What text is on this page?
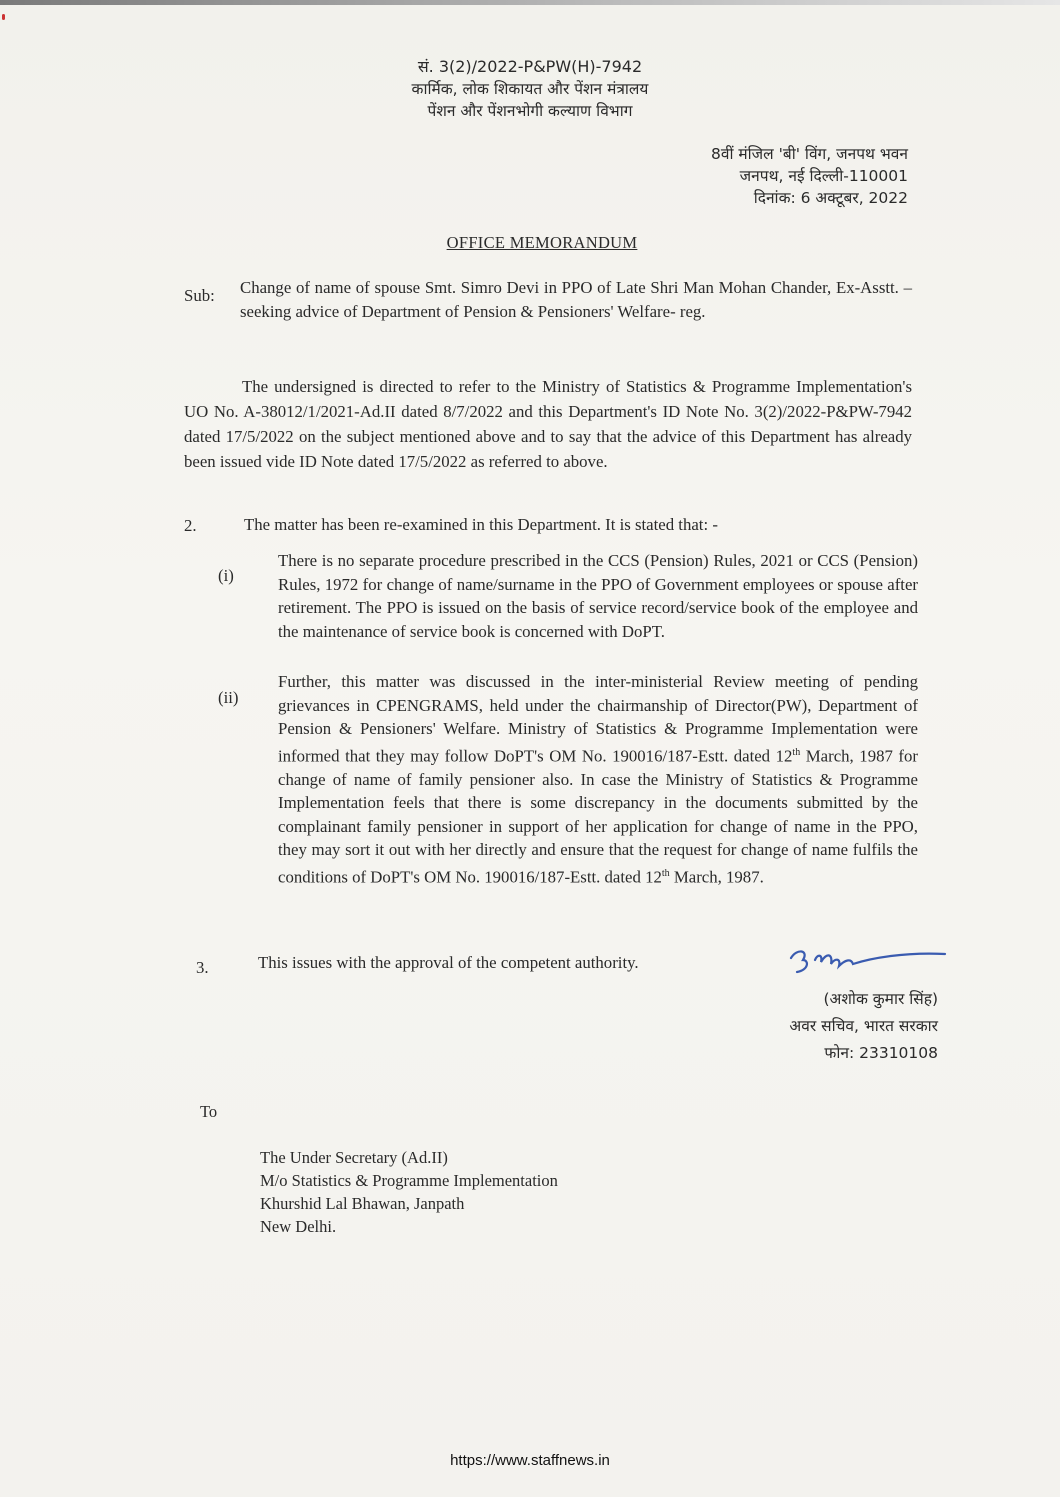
सं. 3(2)/2022-P&PW(H)-7942
कार्मिक, लोक शिकायत और पेंशन मंत्रालय
पेंशन और पेंशनभोगी कल्याण विभाग
8वीं मंजिल 'बी' विंग, जनपथ भवन
जनपथ, नई दिल्ली-110001
दिनांक: 6 अक्टूबर, 2022
OFFICE MEMORANDUM
Sub: Change of name of spouse Smt. Simro Devi in PPO of Late Shri Man Mohan Chander, Ex-Asstt. – seeking advice of Department of Pension & Pensioners' Welfare- reg.
The undersigned is directed to refer to the Ministry of Statistics & Programme Implementation's UO No. A-38012/1/2021-Ad.II dated 8/7/2022 and this Department's ID Note No. 3(2)/2022-P&PW-7942 dated 17/5/2022 on the subject mentioned above and to say that the advice of this Department has already been issued vide ID Note dated 17/5/2022 as referred to above.
2.	The matter has been re-examined in this Department. It is stated that: -
(i)
There is no separate procedure prescribed in the CCS (Pension) Rules, 2021 or CCS (Pension) Rules, 1972 for change of name/surname in the PPO of Government employees or spouse after retirement. The PPO is issued on the basis of service record/service book of the employee and the maintenance of service book is concerned with DoPT.
(ii)
Further, this matter was discussed in the inter-ministerial Review meeting of pending grievances in CPENGRAMS, held under the chairmanship of Director(PW), Department of Pension & Pensioners' Welfare. Ministry of Statistics & Programme Implementation were informed that they may follow DoPT's OM No. 190016/187-Estt. dated 12th March, 1987 for change of name of family pensioner also. In case the Ministry of Statistics & Programme Implementation feels that there is some discrepancy in the documents submitted by the complainant family pensioner in support of her application for change of name in the PPO, they may sort it out with her directly and ensure that the request for change of name fulfils the conditions of DoPT's OM No. 190016/187-Estt. dated 12th March, 1987.
3.	This issues with the approval of the competent authority.
(अशोक कुमार सिंह)
अवर सचिव, भारत सरकार
फोन: 23310108
To
The Under Secretary (Ad.II)
M/o Statistics & Programme Implementation
Khurshid Lal Bhawan, Janpath
New Delhi.
https://www.staffnews.in
